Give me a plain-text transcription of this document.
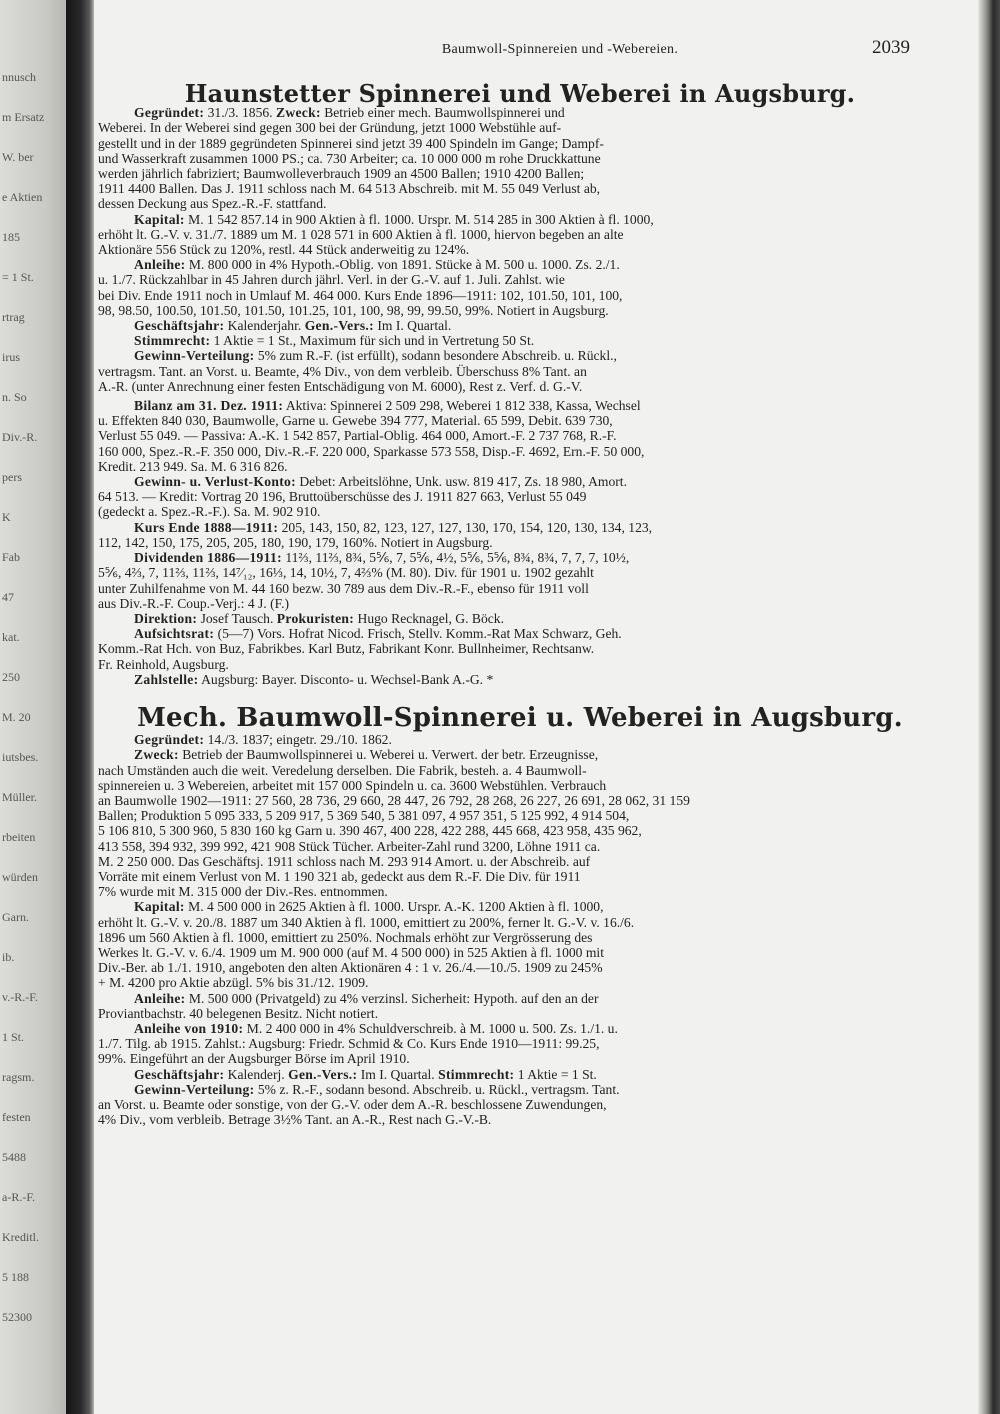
nnusch
m Ersatz
W. ber
e Aktien
185
= 1 St.
rtrag
irus
n. So
Div.-R.
pers
K
Fab
47
kat.
250
M. 20
iutsbes.
Müller.
rbeiten
würden
Garn.
ib.
v.-R.-F.
1 St.
ragsm.
festen
5488
a-R.-F.
Kreditl.
5 188
52300
Baumwoll-Spinnereien und -Webereien.	2039
Haunstetter Spinnerei und Weberei in Augsburg.

Gegründet: 31./3. 1856. Zweck: Betrieb einer mech. Baumwollspinnerei und

Weberei. In der Weberei sind gegen 300 bei der Gründung, jetzt 1000 Webstühle auf-

gestellt und in der 1889 gegründeten Spinnerei sind jetzt 39 400 Spindeln im Gange; Dampf-

und Wasserkraft zusammen 1000 PS.; ca. 730 Arbeiter; ca. 10 000 000 m rohe Druckkattune

werden jährlich fabriziert; Baumwolleverbrauch 1909 an 4500 Ballen; 1910 4200 Ballen;

1911 4400 Ballen. Das J. 1911 schloss nach M. 64 513 Abschreib. mit M. 55 049 Verlust ab,

dessen Deckung aus Spez.-R.-F. stattfand.

Kapital: M. 1 542 857.14 in 900 Aktien à fl. 1000. Urspr. M. 514 285 in 300 Aktien à fl. 1000,

erhöht lt. G.-V. v. 31./7. 1889 um M. 1 028 571 in 600 Aktien à fl. 1000, hiervon begeben an alte

Aktionäre 556 Stück zu 120%, restl. 44 Stück anderweitig zu 124%.

Anleihe: M. 800 000 in 4% Hypoth.-Oblig. von 1891. Stücke à M. 500 u. 1000. Zs. 2./1.

u. 1./7. Rückzahlbar in 45 Jahren durch jährl. Verl. in der G.-V. auf 1. Juli. Zahlst. wie

bei Div. Ende 1911 noch in Umlauf M. 464 000. Kurs Ende 1896—1911: 102, 101.50, 101, 100,

98, 98.50, 100.50, 101.50, 101.50, 101.25, 101, 100, 98, 99, 99.50, 99%. Notiert in Augsburg.

Geschäftsjahr: Kalenderjahr. Gen.-Vers.: Im I. Quartal.

Stimmrecht: 1 Aktie = 1 St., Maximum für sich und in Vertretung 50 St.

Gewinn-Verteilung: 5% zum R.-F. (ist erfüllt), sodann besondere Abschreib. u. Rückl.,

vertragsm. Tant. an Vorst. u. Beamte, 4% Div., von dem verbleib. Überschuss 8% Tant. an

A.-R. (unter Anrechnung einer festen Entschädigung von M. 6000), Rest z. Verf. d. G.-V.

Bilanz am 31. Dez. 1911: Aktiva: Spinnerei 2 509 298, Weberei 1 812 338, Kassa, Wechsel

u. Effekten 840 030, Baumwolle, Garne u. Gewebe 394 777, Material. 65 599, Debit. 639 730,

Verlust 55 049. — Passiva: A.-K. 1 542 857, Partial-Oblig. 464 000, Amort.-F. 2 737 768, R.-F.

160 000, Spez.-R.-F. 350 000, Div.-R.-F. 220 000, Sparkasse 573 558, Disp.-F. 4692, Ern.-F. 50 000,

Kredit. 213 949. Sa. M. 6 316 826.

Gewinn- u. Verlust-Konto: Debet: Arbeitslöhne, Unk. usw. 819 417, Zs. 18 980, Amort.

64 513. — Kredit: Vortrag 20 196, Bruttoüberschüsse des J. 1911 827 663, Verlust 55 049

(gedeckt a. Spez.-R.-F.). Sa. M. 902 910.

Kurs Ende 1888—1911: 205, 143, 150, 82, 123, 127, 127, 130, 170, 154, 120, 130, 134, 123,

112, 142, 150, 175, 205, 205, 180, 190, 179, 160%. Notiert in Augsburg.

Dividenden 1886—1911: 11⅔, 11⅔, 8¾, 5⅚, 7, 5⅚, 4½, 5⅚, 5⅚, 8¾, 8¾, 7, 7, 7, 10½,

5⅚, 4⅔, 7, 11⅔, 11⅔, 14⁷⁄₁₂, 16⅓, 14, 10½, 7, 4⅔% (M. 80). Div. für 1901 u. 1902 gezahlt

unter Zuhilfenahme von M. 44 160 bezw. 30 789 aus dem Div.-R.-F., ebenso für 1911 voll

aus Div.-R.-F. Coup.-Verj.: 4 J. (F.)

Direktion: Josef Tausch. Prokuristen: Hugo Recknagel, G. Böck.

Aufsichtsrat: (5—7) Vors. Hofrat Nicod. Frisch, Stellv. Komm.-Rat Max Schwarz, Geh.

Komm.-Rat Hch. von Buz, Fabrikbes. Karl Butz, Fabrikant Konr. Bullnheimer, Rechtsanw.

Fr. Reinhold, Augsburg.

Zahlstelle: Augsburg: Bayer. Disconto- u. Wechsel-Bank A.-G. *

Mech. Baumwoll-Spinnerei u. Weberei in Augsburg.

Gegründet: 14./3. 1837; eingetr. 29./10. 1862.

Zweck: Betrieb der Baumwollspinnerei u. Weberei u. Verwert. der betr. Erzeugnisse,

nach Umständen auch die weit. Veredelung derselben. Die Fabrik, besteh. a. 4 Baumwoll-

spinnereien u. 3 Webereien, arbeitet mit 157 000 Spindeln u. ca. 3600 Webstühlen. Verbrauch

an Baumwolle 1902—1911: 27 560, 28 736, 29 660, 28 447, 26 792, 28 268, 26 227, 26 691, 28 062, 31 159

Ballen; Produktion 5 095 333, 5 209 917, 5 369 540, 5 381 097, 4 957 351, 5 125 992, 4 914 504,

5 106 810, 5 300 960, 5 830 160 kg Garn u. 390 467, 400 228, 422 288, 445 668, 423 958, 435 962,

413 558, 394 932, 399 992, 421 908 Stück Tücher. Arbeiter-Zahl rund 3200, Löhne 1911 ca.

M. 2 250 000. Das Geschäftsj. 1911 schloss nach M. 293 914 Amort. u. der Abschreib. auf

Vorräte mit einem Verlust von M. 1 190 321 ab, gedeckt aus dem R.-F. Die Div. für 1911

7% wurde mit M. 315 000 der Div.-Res. entnommen.

Kapital: M. 4 500 000 in 2625 Aktien à fl. 1000. Urspr. A.-K. 1200 Aktien à fl. 1000,

erhöht lt. G.-V. v. 20./8. 1887 um 340 Aktien à fl. 1000, emittiert zu 200%, ferner lt. G.-V. v. 16./6.

1896 um 560 Aktien à fl. 1000, emittiert zu 250%. Nochmals erhöht zur Vergrösserung des

Werkes lt. G.-V. v. 6./4. 1909 um M. 900 000 (auf M. 4 500 000) in 525 Aktien à fl. 1000 mit

Div.-Ber. ab 1./1. 1910, angeboten den alten Aktionären 4 : 1 v. 26./4.—10./5. 1909 zu 245%

+ M. 4200 pro Aktie abzügl. 5% bis 31./12. 1909.

Anleihe: M. 500 000 (Privatgeld) zu 4% verzinsl. Sicherheit: Hypoth. auf den an der

Proviantbachstr. 40 belegenen Besitz. Nicht notiert.

Anleihe von 1910: M. 2 400 000 in 4% Schuldverschreib. à M. 1000 u. 500. Zs. 1./1. u.

1./7. Tilg. ab 1915. Zahlst.: Augsburg: Friedr. Schmid & Co. Kurs Ende 1910—1911: 99.25,

99%. Eingeführt an der Augsburger Börse im April 1910.

Geschäftsjahr: Kalenderj. Gen.-Vers.: Im I. Quartal. Stimmrecht: 1 Aktie = 1 St.

Gewinn-Verteilung: 5% z. R.-F., sodann besond. Abschreib. u. Rückl., vertragsm. Tant.

an Vorst. u. Beamte oder sonstige, von der G.-V. oder dem A.-R. beschlossene Zuwendungen,

4% Div., vom verbleib. Betrage 3½% Tant. an A.-R., Rest nach G.-V.-B.
